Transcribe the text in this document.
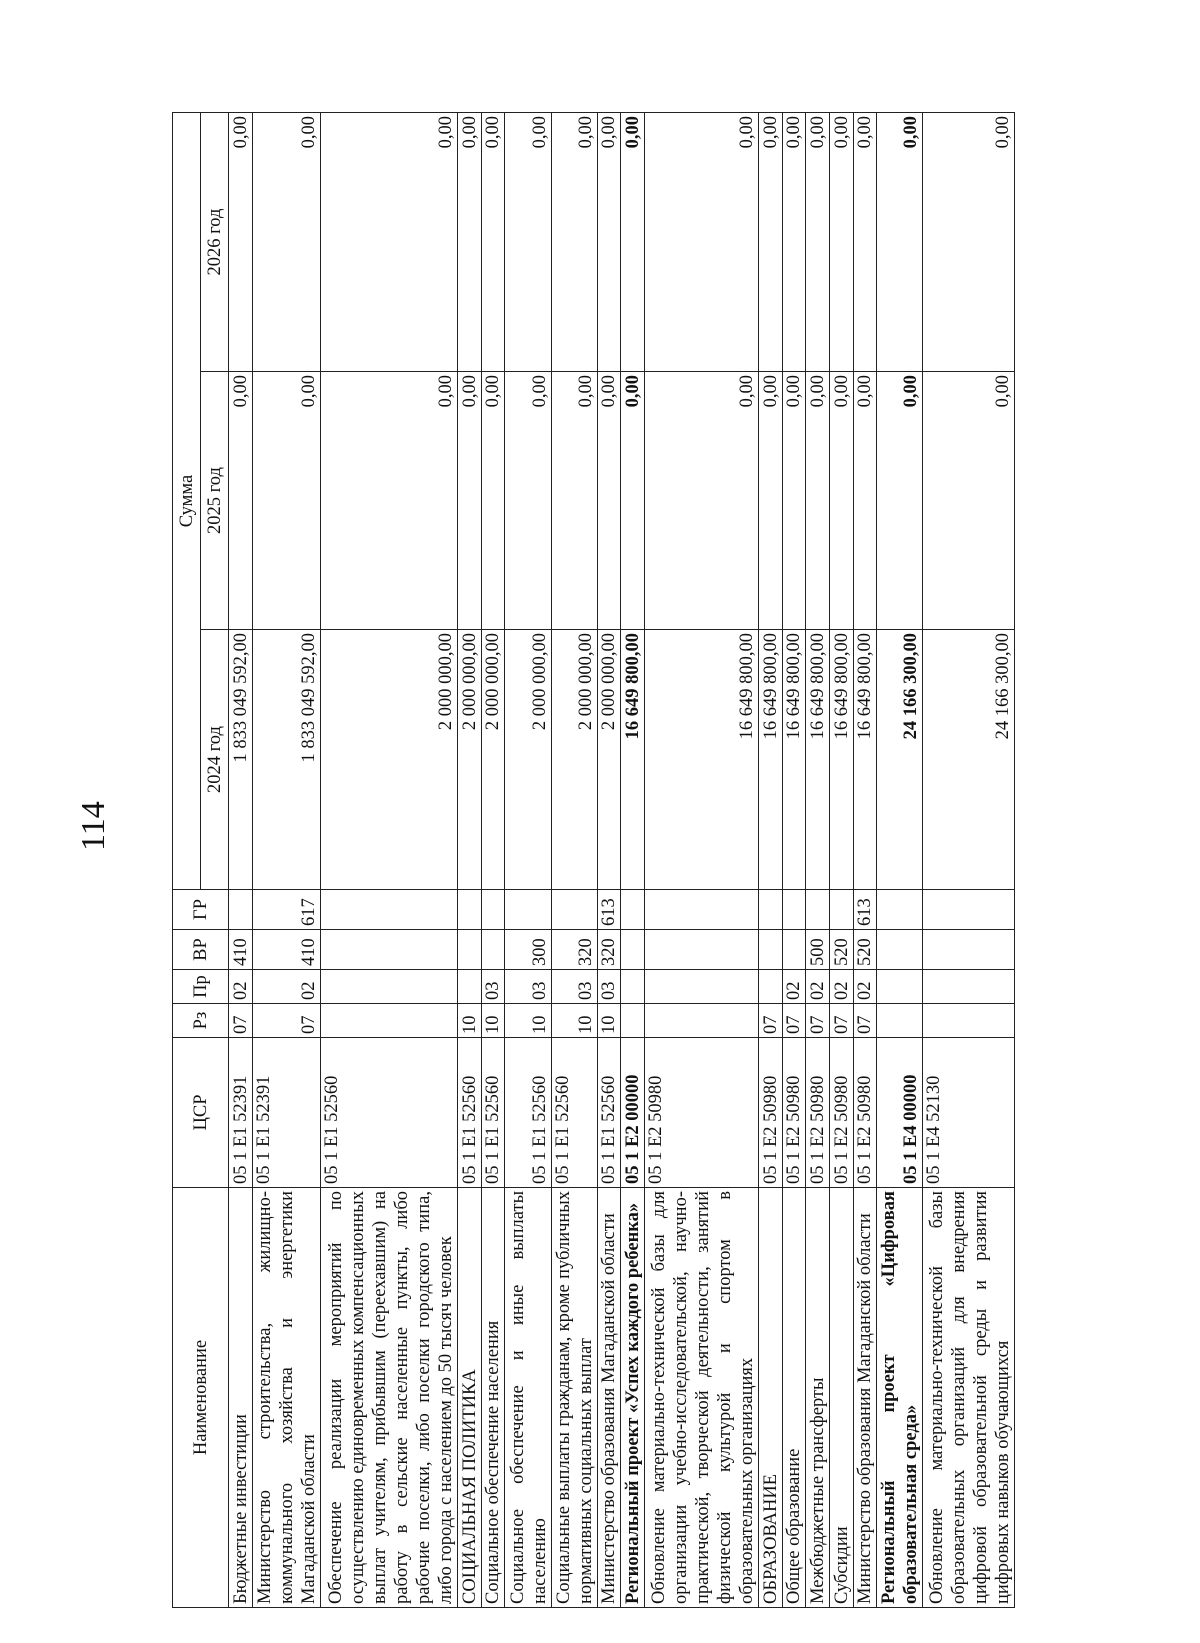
114
Наименование	ЦСР	Рз	Пр	ВР	ГР	Сумма		
						2024 год	2025 год	2026 год
Бюджетные инвестиции	05 1 E1 52391	07	02	410		1 833 049 592,00	0,00	0,00
Министерство строительства, жилищно-коммунального хозяйства и энергетики Магаданской области	05 1 E1 52391	07	02	410	617	1 833 049 592,00	0,00	0,00
Обеспечение реализации мероприятий по осуществлению единовременных компенсационных выплат учителям, прибывшим (переехавшим) на работу в сельские населенные пункты, либо рабочие поселки, либо поселки городского типа, либо города с населением до 50 тысяч человек	05 1 E1 52560					2 000 000,00	0,00	0,00
СОЦИАЛЬНАЯ ПОЛИТИКА	05 1 E1 52560	10				2 000 000,00	0,00	0,00
Социальное обеспечение населения	05 1 E1 52560	10	03			2 000 000,00	0,00	0,00
Социальное обеспечение и иные выплаты населению	05 1 E1 52560	10	03	300		2 000 000,00	0,00	0,00
Социальные выплаты гражданам, кроме публичных нормативных социальных выплат	05 1 E1 52560	10	03	320		2 000 000,00	0,00	0,00
Министерство образования Магаданской области	05 1 E1 52560	10	03	320	613	2 000 000,00	0,00	0,00
Региональный проект «Успех каждого ребенка»	05 1 E2 00000					16 649 800,00	0,00	0,00
Обновление материально-технической базы для организации учебно-исследовательской, научно-практической, творческой деятельности, занятий физической культурой и спортом в образовательных организациях	05 1 E2 50980					16 649 800,00	0,00	0,00
ОБРАЗОВАНИЕ	05 1 E2 50980	07				16 649 800,00	0,00	0,00
Общее образование	05 1 E2 50980	07	02			16 649 800,00	0,00	0,00
Межбюджетные трансферты	05 1 E2 50980	07	02	500		16 649 800,00	0,00	0,00
Субсидии	05 1 E2 50980	07	02	520		16 649 800,00	0,00	0,00
Министерство образования Магаданской области	05 1 E2 50980	07	02	520	613	16 649 800,00	0,00	0,00
Региональный проект «Цифровая образовательная среда»	05 1 E4 00000					24 166 300,00	0,00	0,00
Обновление материально-технической базы образовательных организаций для внедрения цифровой образовательной среды и развития цифровых навыков обучающихся	05 1 E4 52130					24 166 300,00	0,00	0,00
